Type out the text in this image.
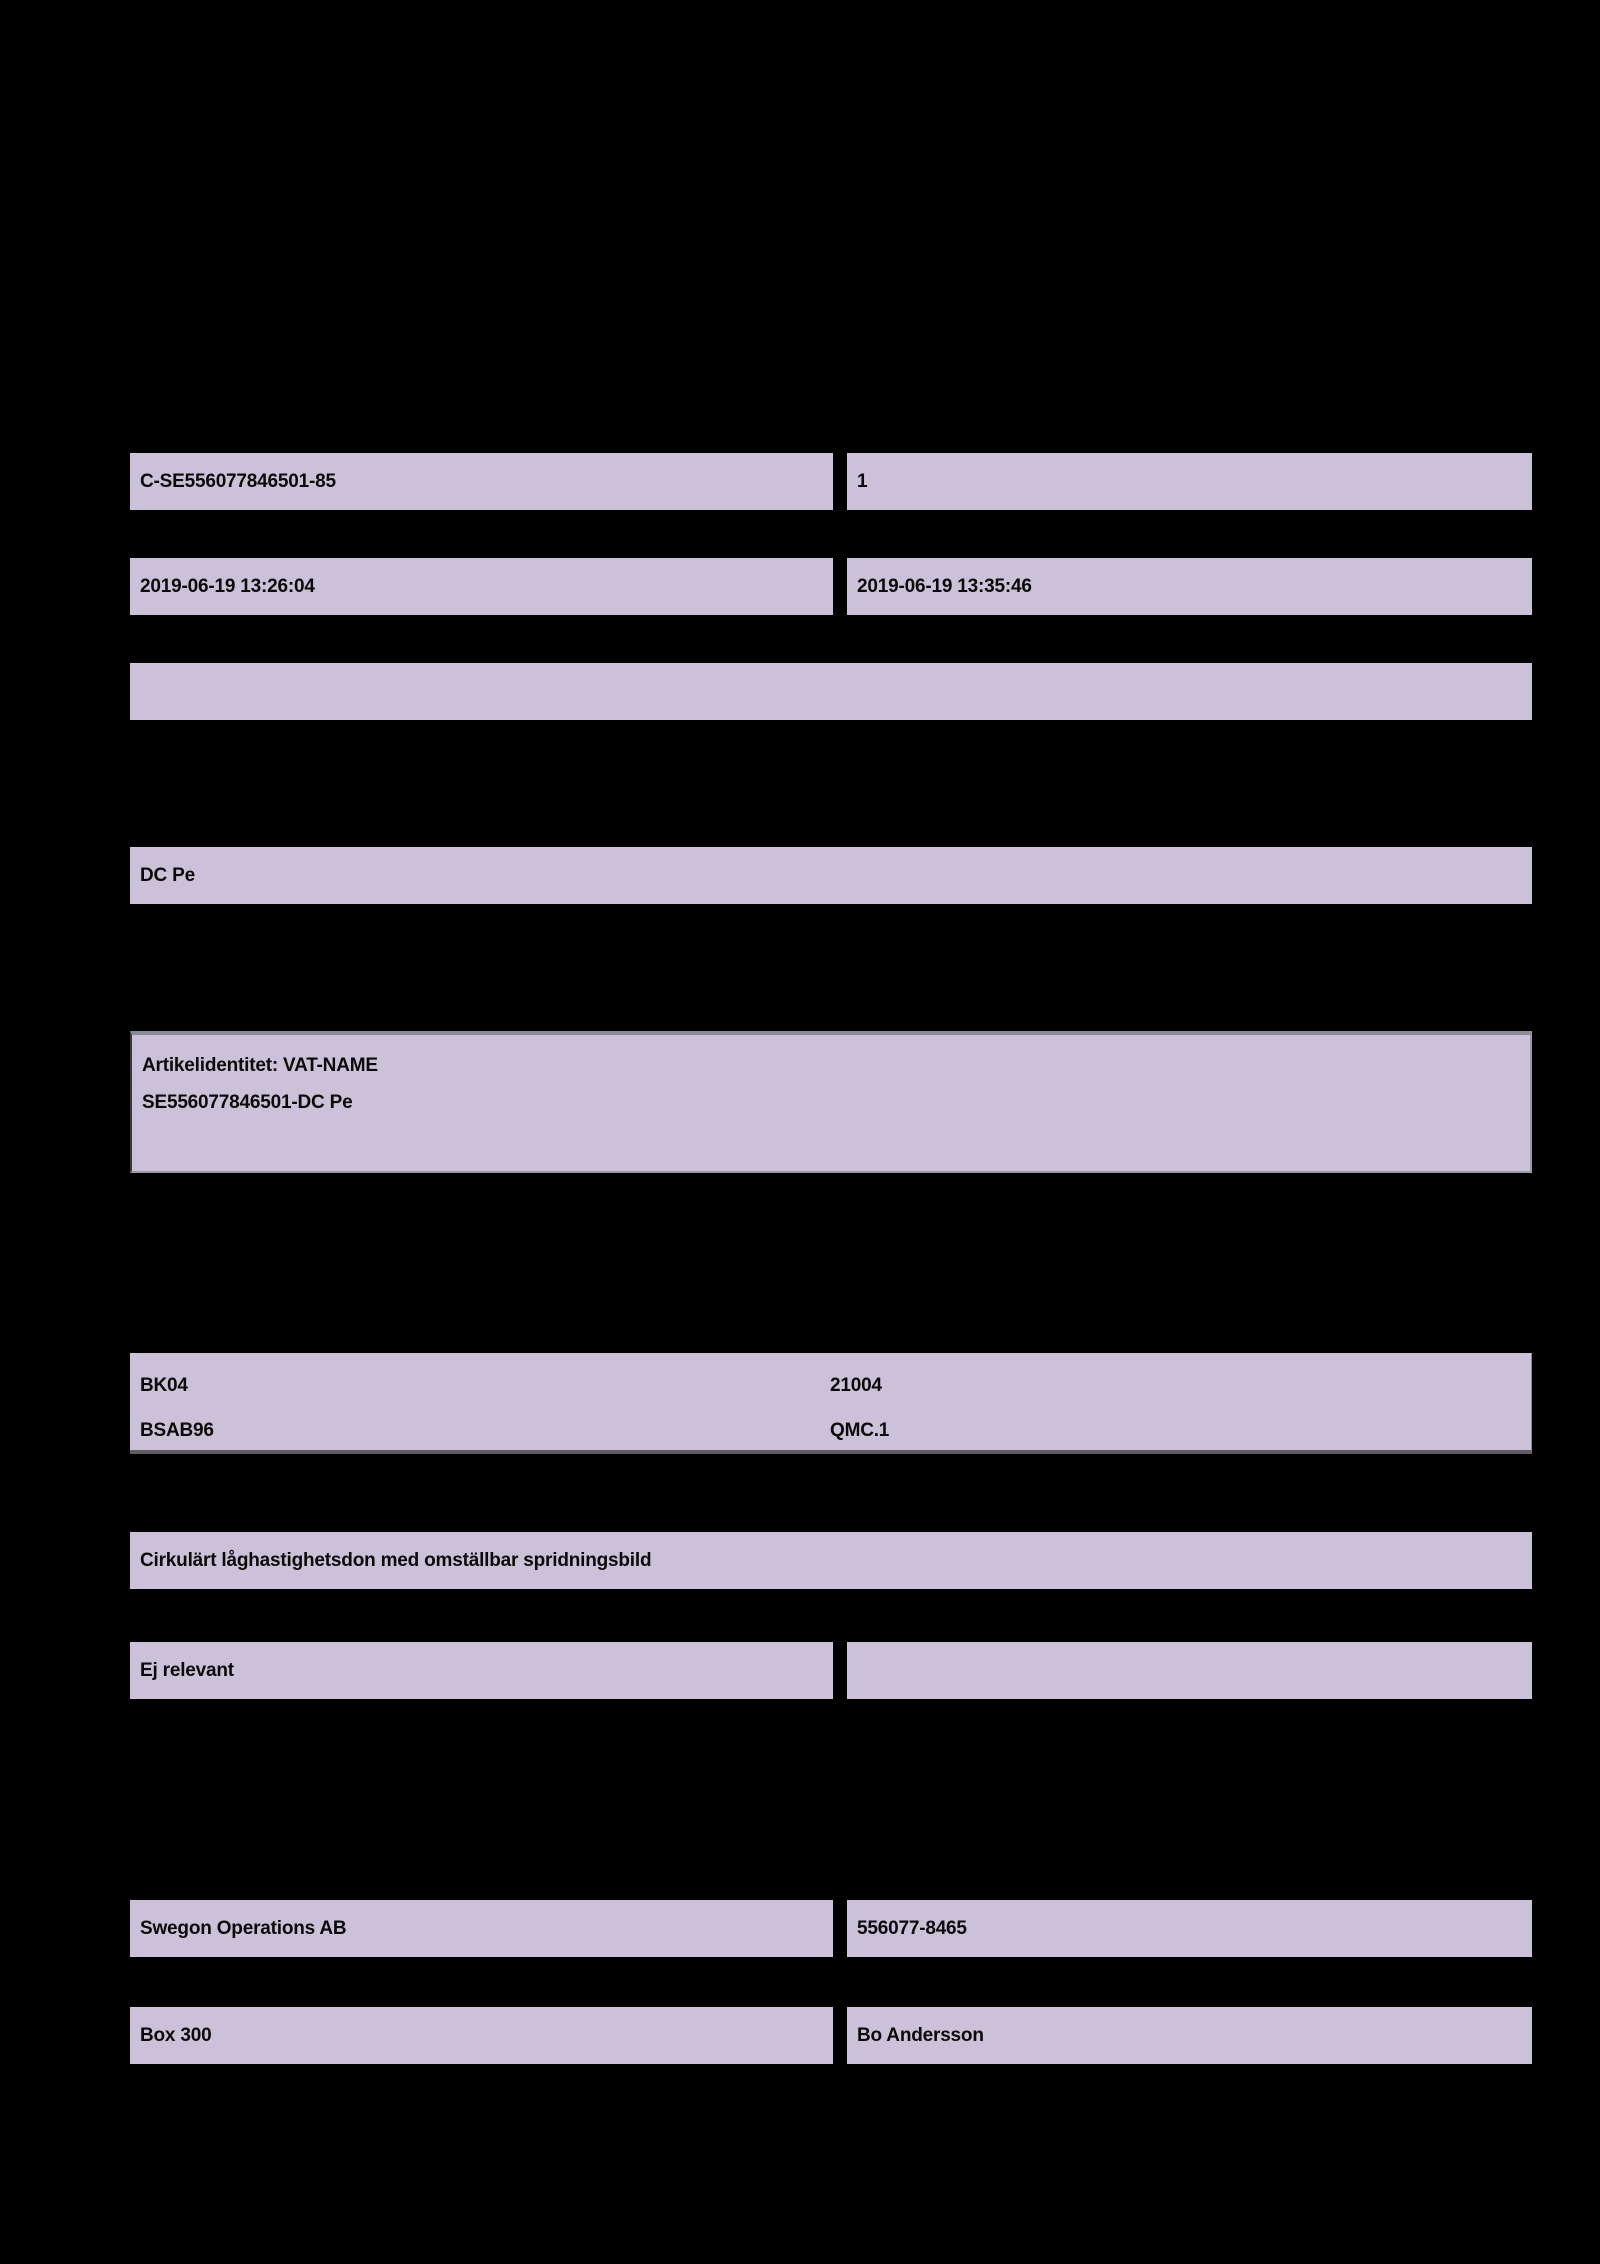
C-SE556077846501-85	1
2019-06-19 13:26:04	2019-06-19 13:35:46
DC Pe
Artikelidentitet: VAT-NAME
SE556077846501-DC Pe
BK04	21004
BSAB96	QMC.1
Cirkulärt låghastighetsdon med omställbar spridningsbild
Ej relevant
Swegon Operations AB	556077-8465
Box 300	Bo Andersson
